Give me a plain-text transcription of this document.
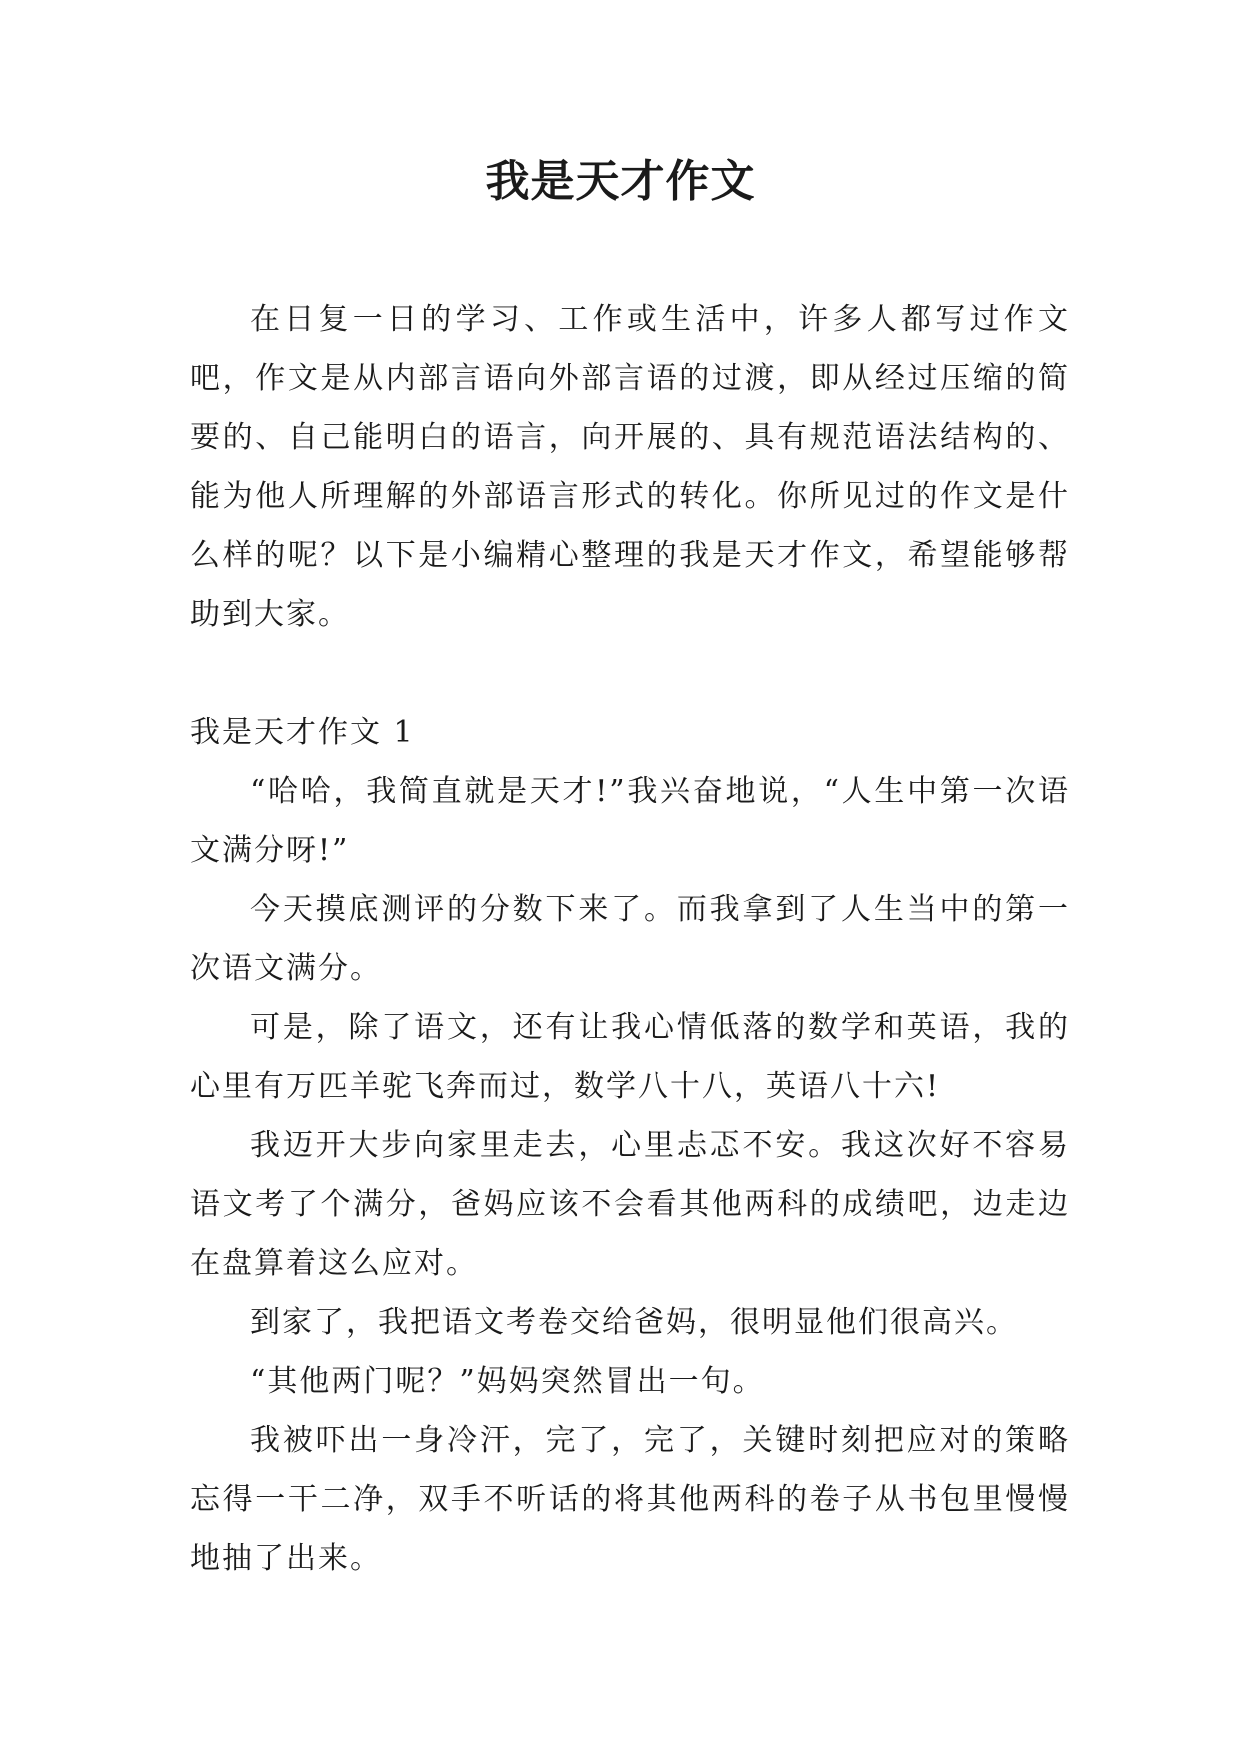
我是天才作文

在日复一日的学习、工作或生活中，许多人都写过作文吧，作文是从内部言语向外部言语的过渡，即从经过压缩的简要的、自己能明白的语言，向开展的、具有规范语法结构的、能为他人所理解的外部语言形式的转化。你所见过的作文是什么样的呢？以下是小编精心整理的我是天才作文，希望能够帮助到大家。

我是天才作文 1

“哈哈，我简直就是天才!”我兴奋地说，“人生中第一次语文满分呀!”

今天摸底测评的分数下来了。而我拿到了人生当中的第一次语文满分。

可是，除了语文，还有让我心情低落的数学和英语，我的心里有万匹羊驼飞奔而过，数学八十八，英语八十六!

我迈开大步向家里走去，心里忐忑不安。我这次好不容易语文考了个满分，爸妈应该不会看其他两科的成绩吧，边走边在盘算着这么应对。

到家了，我把语文考卷交给爸妈，很明显他们很高兴。

“其他两门呢？”妈妈突然冒出一句。

我被吓出一身冷汗，完了，完了，关键时刻把应对的策略忘得一干二净，双手不听话的将其他两科的卷子从书包里慢慢地抽了出来。
